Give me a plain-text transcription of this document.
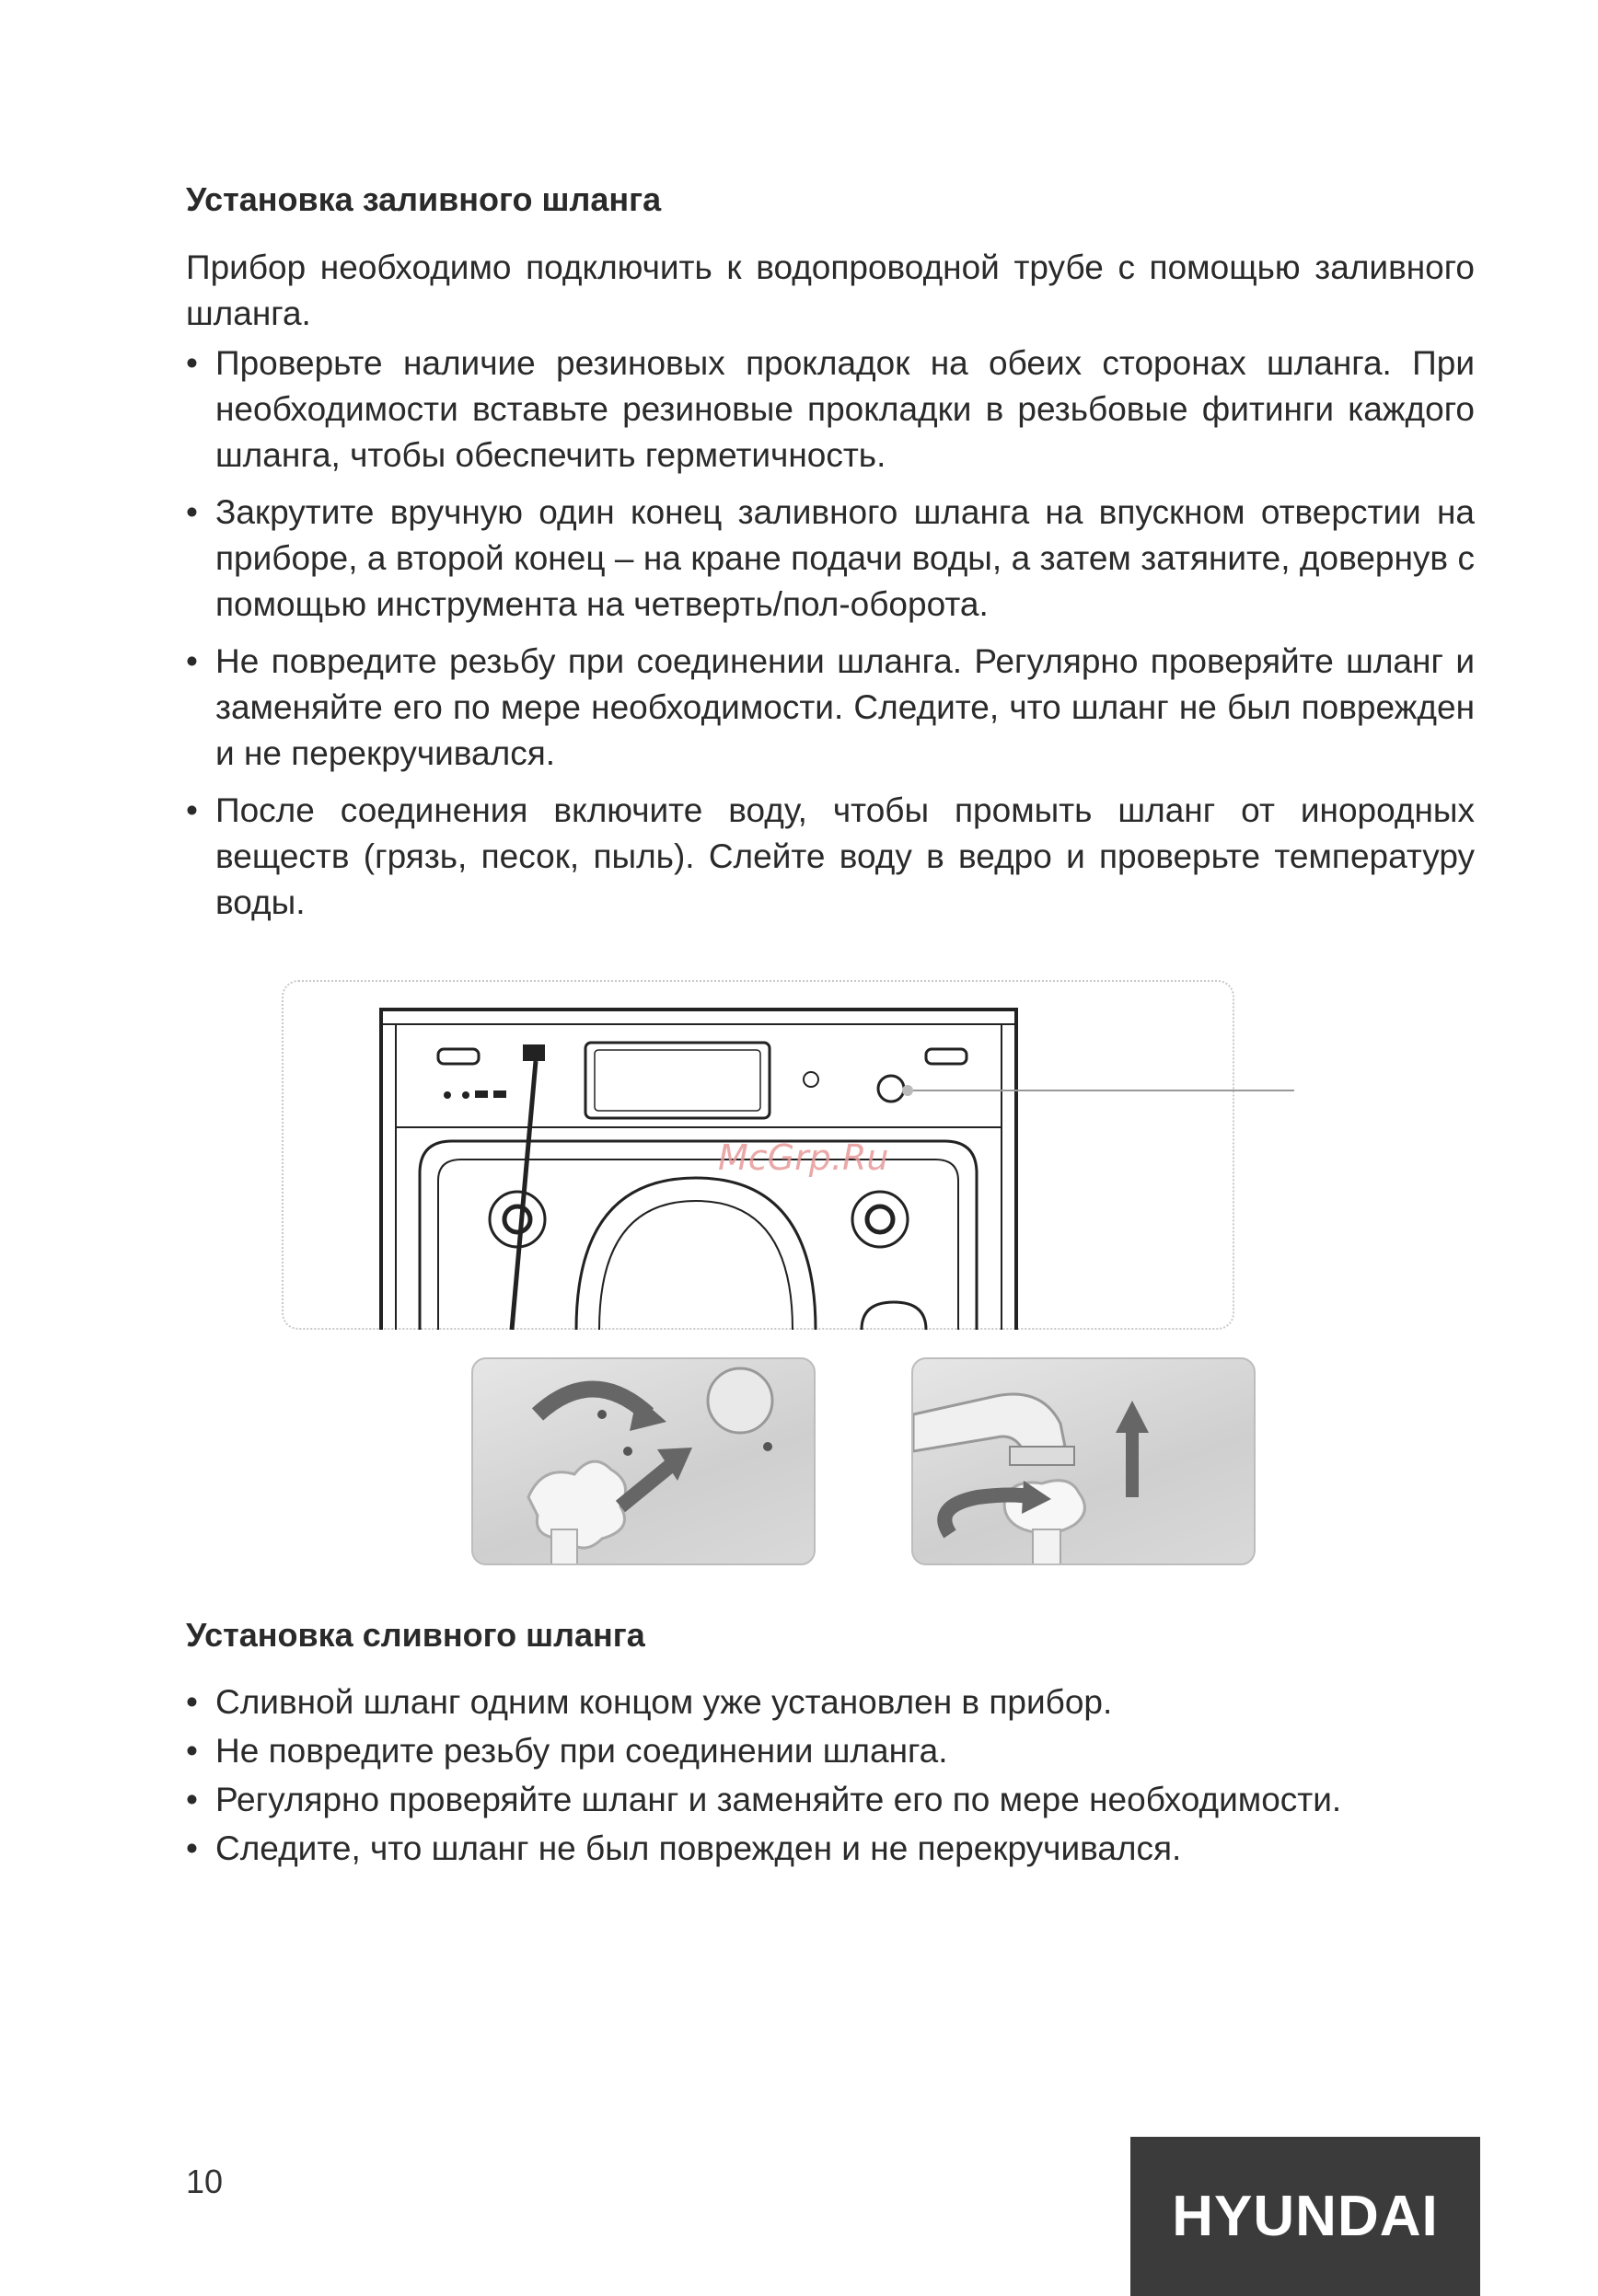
Установка заливного шланга

Прибор необходимо подключить к водопроводной трубе с помощью заливного шланга.

• Проверьте наличие резиновых прокладок на обеих сторонах шланга. При необходимости вставьте резиновые прокладки в резьбовые фитинги каждого шланга, чтобы обеспечить герметичность.
• Закрутите вручную один конец заливного шланга на впускном отверстии на приборе, а второй конец – на кране подачи воды, а затем затяните, довернув с помощью инструмента на четверть/пол-оборота.
• Не повредите резьбу при соединении шланга. Регулярно проверяйте шланг и заменяйте его по мере необходимости. Следите, что шланг не был поврежден и не перекручивался.
• После соединения включите воду, чтобы промыть шланг от инородных веществ (грязь, песок, пыль). Слейте воду в ведро и проверьте температуру воды.
McGrp.Ru
Установка сливного шланга
• Сливной шланг одним концом уже установлен в прибор.
• Не повредите резьбу при соединении шланга.
• Регулярно проверяйте шланг и заменяйте его по мере необходимости.
• Следите, что шланг не был поврежден и не перекручивался.
10
HYUNDAI
